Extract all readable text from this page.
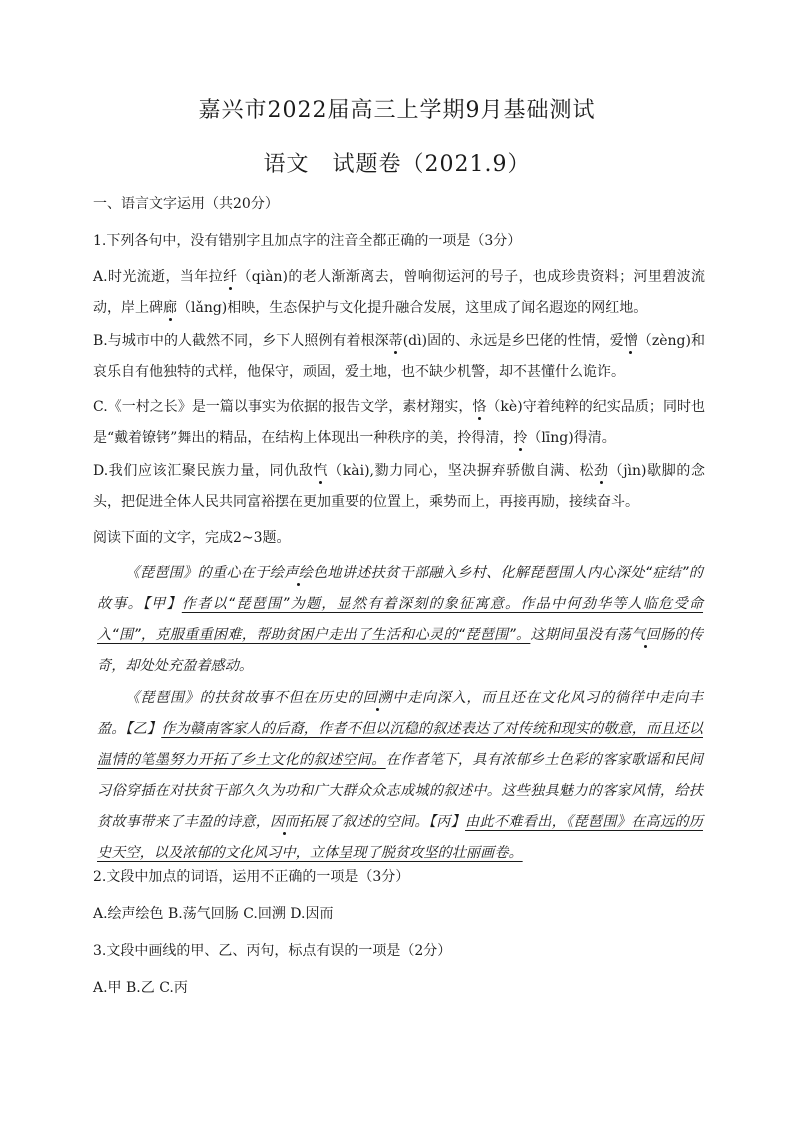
嘉兴市2022届高三上学期9月基础测试
语文　试题卷（2021.9）
一、语言文字运用（共20分）
1.下列各句中，没有错别字且加点字的注音全都正确的一项是（3分）
A.时光流逝，当年拉纤（qiàn)的老人渐渐离去，曾响彻运河的号子，也成珍贵资料；河里碧波流动，岸上碑廊（lǎng)相映，生态保护与文化提升融合发展，这里成了闻名遐迩的网红地。
B.与城市中的人截然不同，乡下人照例有着根深蒂(dì)固的、永远是乡巴佬的性情，爱憎（zèng)和哀乐自有他独特的式样，他保守，顽固，爱土地，也不缺少机警，却不甚懂什么诡诈。
C.《一村之长》是一篇以事实为依据的报告文学，素材翔实，恪（kè)守着纯粹的纪实品质；同时也是“戴着镣铐”舞出的精品，在结构上体现出一种秩序的美，拎得清，拎（līng)得清。
D.我们应该汇聚民族力量，同仇敌忾（kài),勠力同心，坚决摒弃骄傲自满、松劲（jìn)歇脚的念头，把促进全体人民共同富裕摆在更加重要的位置上，乘势而上，再接再励，接续奋斗。
阅读下面的文字，完成2~3题。
《琵琶围》的重心在于绘声绘色地讲述扶贫干部融入乡村、化解琵琶围人内心深处“症结”的故事。【甲】作者以“琵琶围”为题，显然有着深刻的象征寓意。作品中何劲华等人临危受命入“围”，克服重重困难，帮助贫困户走出了生活和心灵的“琵琶围”。这期间虽没有荡气回肠的传奇，却处处充盈着感动。
《琵琶围》的扶贫故事不但在历史的回溯中走向深入，而且还在文化风习的徜徉中走向丰盈。【乙】作为赣南客家人的后裔，作者不但以沉稳的叙述表达了对传统和现实的敬意，而且还以温情的笔墨努力开拓了乡土文化的叙述空间。在作者笔下，具有浓郁乡土色彩的客家歌谣和民间习俗穿插在对扶贫干部久久为功和广大群众众志成城的叙述中。这些独具魅力的客家风情，给扶贫故事带来了丰盈的诗意，因而拓展了叙述的空间。【丙】由此不难看出，《琵琶围》在高远的历史天空，以及浓郁的文化风习中，立体呈现了脱贫攻坚的壮丽画卷。
2.文段中加点的词语，运用不正确的一项是（3分）
A.绘声绘色 B.荡气回肠 C.回溯 D.因而
3.文段中画线的甲、乙、丙句，标点有误的一项是（2分）
A.甲 B.乙 C.丙
